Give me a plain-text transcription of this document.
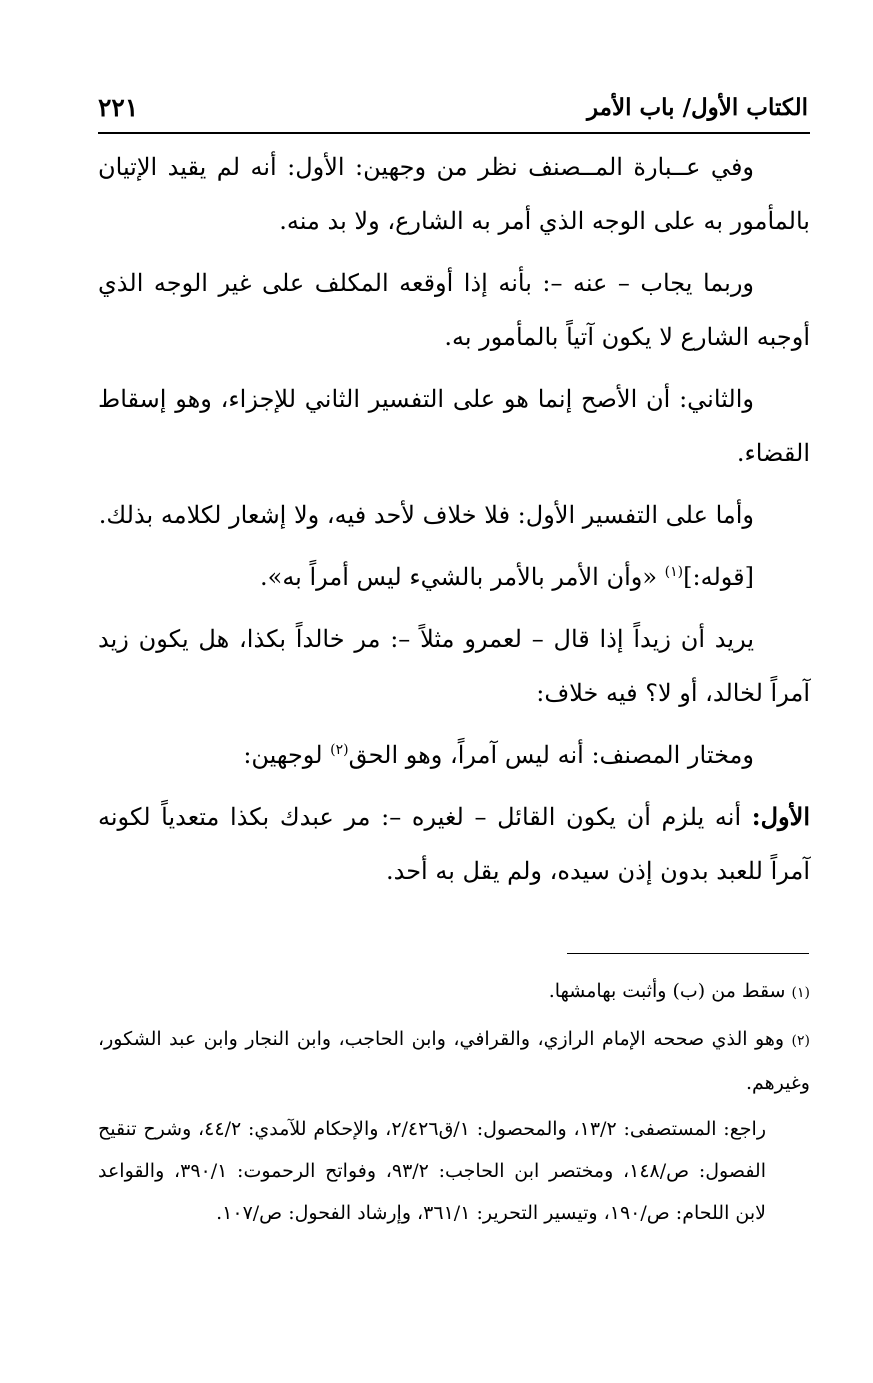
الكتاب الأول/ باب الأمر
٢٢١

وفي عــبارة المــصنف نظر من وجهين: الأول: أنه لم يقيد الإتيان بالمأمور به على الوجه الذي أمر به الشارع، ولا بد منه.

وربما يجاب – عنه –: بأنه إذا أوقعه المكلف على غير الوجه الذي أوجبه الشارع لا يكون آتياً بالمأمور به.

والثاني: أن الأصح إنما هو على التفسير الثاني للإجزاء، وهو إسقاط القضاء.

وأما على التفسير الأول: فلا خلاف لأحد فيه، ولا إشعار لكلامه بذلك.

[قوله:]$^{(١)}$ «وأن الأمر بالأمر بالشيء ليس أمراً به».

يريد أن زيداً إذا قال – لعمرو مثلاً –: مر خالداً بكذا، هل يكون زيد آمراً لخالد، أو لا؟ فيه خلاف:

ومختار المصنف: أنه ليس آمراً، وهو الحق$^{(٢)}$ لوجهين:

الأول: أنه يلزم أن يكون القائل – لغيره –: مر عبدك بكذا متعدياً لكونه آمراً للعبد بدون إذن سيده، ولم يقل به أحد.

(١) سقط من (ب) وأثبت بهامشها.

(٢) وهو الذي صححه الإمام الرازي، والقرافي، وابن الحاجب، وابن النجار وابن عبد الشكور، وغيرهم.

راجع: المستصفى: ١٣/٢، والمحصول: ١/ق٢/٤٢٦، والإحكام للآمدي: ٤٤/٢، وشرح تنقيح الفصول: ص/١٤٨، ومختصر ابن الحاجب: ٩٣/٢، وفواتح الرحموت: ٣٩٠/١، والقواعد لابن اللحام: ص/١٩٠، وتيسير التحرير: ٣٦١/١، وإرشاد الفحول: ص/١٠٧.
